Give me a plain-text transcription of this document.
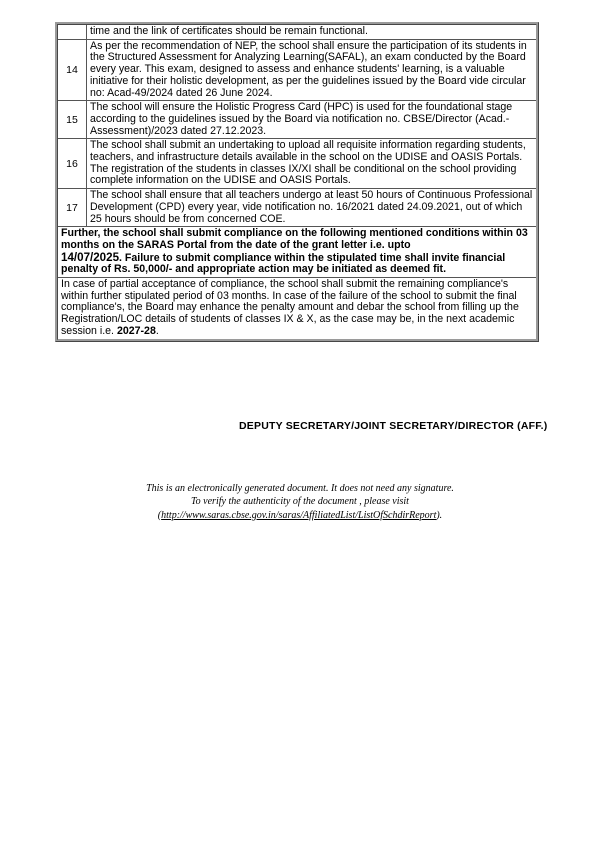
time and the link of certificates should be remain functional.
14
As per the recommendation of NEP, the school shall ensure the participation of its students in the Structured Assessment for Analyzing Learning(SAFAL), an exam conducted by the Board every year. This exam, designed to assess and enhance students' learning, is a valuable initiative for their holistic development, as per the guidelines issued by the Board vide circular no: Acad-49/2024 dated 26 June 2024.
15
The school will ensure the Holistic Progress Card (HPC) is used for the foundational stage according to the guidelines issued by the Board via notification no. CBSE/Director (Acad.-Assessment)/2023 dated 27.12.2023.
16
The school shall submit an undertaking to upload all requisite information regarding students, teachers, and infrastructure details available in the school on the UDISE and OASIS Portals. The registration of the students in classes IX/XI shall be conditional on the school providing complete information on the UDISE and OASIS Portals.
17
The school shall ensure that all teachers undergo at least 50 hours of Continuous Professional Development (CPD) every year, vide notification no. 16/2021 dated 24.09.2021, out of which 25 hours should be from concerned COE.
Further, the school shall submit compliance on the following mentioned conditions within 03 months on the SARAS Portal from the date of the grant letter i.e. upto
14/07/2025. Failure to submit compliance within the stipulated time shall invite financial penalty of Rs. 50,000/- and appropriate action may be initiated as deemed fit.
In case of partial acceptance of compliance, the school shall submit the remaining compliance's within further stipulated period of 03 months. In case of the failure of the school to submit the final compliance's, the Board may enhance the penalty amount and debar the school from filling up the Registration/LOC details of students of classes IX & X, as the case may be, in the next academic session i.e. 2027-28.
DEPUTY SECRETARY/JOINT SECRETARY/DIRECTOR (AFF.)
This is an electronically generated document. It does not need any signature.
To verify the authenticity of the document , please visit
(http://www.saras.cbse.gov.in/saras/AffiliatedList/ListOfSchdirReport).
